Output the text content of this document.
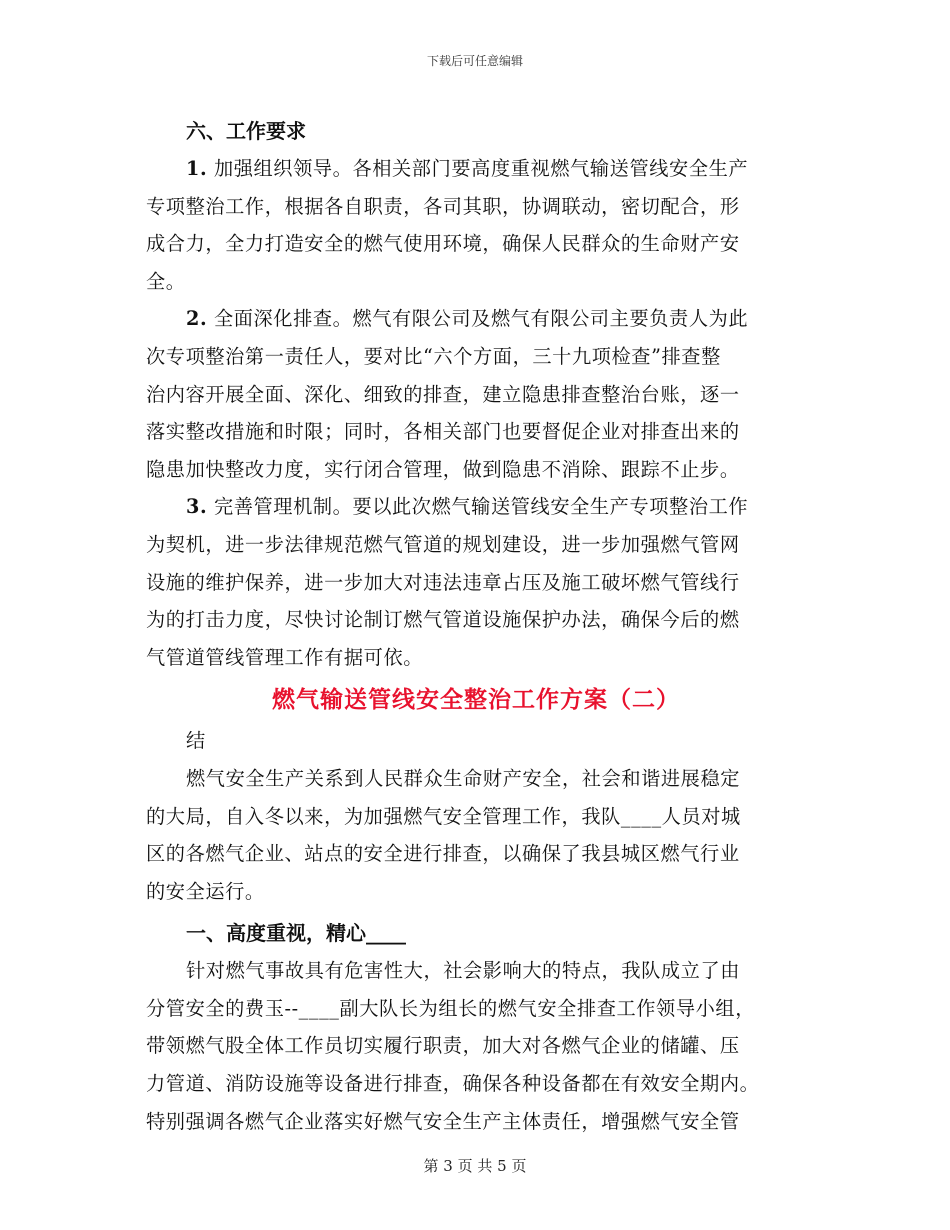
下载后可任意编辑
六、工作要求

1. 加强组织领导。各相关部门要高度重视燃气输送管线安全生产
专项整治工作，根据各自职责，各司其职，协调联动，密切配合，形
成合力，全力打造安全的燃气使用环境，确保人民群众的生命财产安
全。

2. 全面深化排查。燃气有限公司及燃气有限公司主要负责人为此
次专项整治第一责任人，要对比“六个方面，三十九项检查”排查整
治内容开展全面、深化、细致的排查，建立隐患排查整治台账，逐一
落实整改措施和时限；同时，各相关部门也要督促企业对排查出来的
隐患加快整改力度，实行闭合管理，做到隐患不消除、跟踪不止步。

3. 完善管理机制。要以此次燃气输送管线安全生产专项整治工作
为契机，进一步法律规范燃气管道的规划建设，进一步加强燃气管网
设施的维护保养，进一步加大对违法违章占压及施工破坏燃气管线行
为的打击力度，尽快讨论制订燃气管道设施保护办法，确保今后的燃
气管道管线管理工作有据可依。

燃气输送管线安全整治工作方案（二）
结

燃气安全生产关系到人民群众生命财产安全，社会和谐进展稳定
的大局，自入冬以来，为加强燃气安全管理工作，我队____人员对城
区的各燃气企业、站点的安全进行排查，以确保了我县城区燃气行业
的安全运行。

一、高度重视，精心____

针对燃气事故具有危害性大，社会影响大的特点，我队成立了由
分管安全的费玉--____副大队长为组长的燃气安全排查工作领导小组，
带领燃气股全体工作员切实履行职责，加大对各燃气企业的储罐、压
力管道、消防设施等设备进行排查，确保各种设备都在有效安全期内。
特别强调各燃气企业落实好燃气安全生产主体责任，增强燃气安全管

第 3 页 共 5 页
